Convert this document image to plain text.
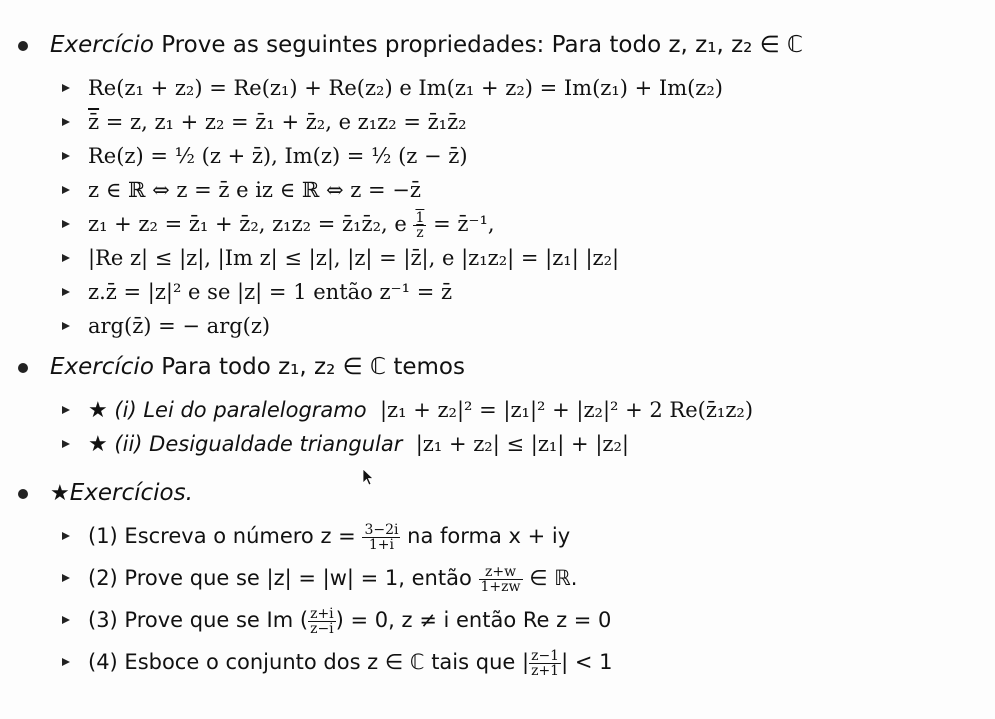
Exercício Prove as seguintes propriedades: Para todo z, z₁, z₂ ∈ ℂ
Re(z₁ + z₂) = Re(z₁) + Re(z₂) e Im(z₁ + z₂) = Im(z₁) + Im(z₂)
z̄ = z, z₁ + z₂ = z̄₁ + z̄₂, e z₁z₂ = z̄₁z̄₂
Re(z) = ½ (z + z̄), Im(z) = ½ (z − z̄)
z ∈ ℝ ⇔ z = z̄ e iz ∈ ℝ ⇔ z = −z̄
z₁ + z₂ = z̄₁ + z̄₂, z₁z₂ = z̄₁z̄₂, e $\frac{1}{z}$ = z̄⁻¹,
|Re z| ≤ |z|, |Im z| ≤ |z|, |z| = |z̄|, e |z₁z₂| = |z₁| |z₂|
z.z̄ = |z|² e se |z| = 1 então z⁻¹ = z̄
arg(z̄) = − arg(z)
Exercício Para todo z₁, z₂ ∈ ℂ temos
★ (i) Lei do paralelogramo |z₁ + z₂|² = |z₁|² + |z₂|² + 2 Re(z̄₁z₂)
★ (ii) Desigualdade triangular |z₁ + z₂| ≤ |z₁| + |z₂|
★Exercícios.
(1) Escreva o número $z = \frac{3-2i}{1+i}$ na forma x + iy
(2) Prove que se |z| = |w| = 1, então $\frac{z+w}{1+zw}$ ∈ ℝ.
(3) Prove que se Im ( $\frac{z+i}{z-i}$ ) = 0, z ≠ i então Re z = 0
(4) Esboce o conjunto dos z ∈ ℂ tais que | $\frac{z-1}{z+1}$ | < 1
